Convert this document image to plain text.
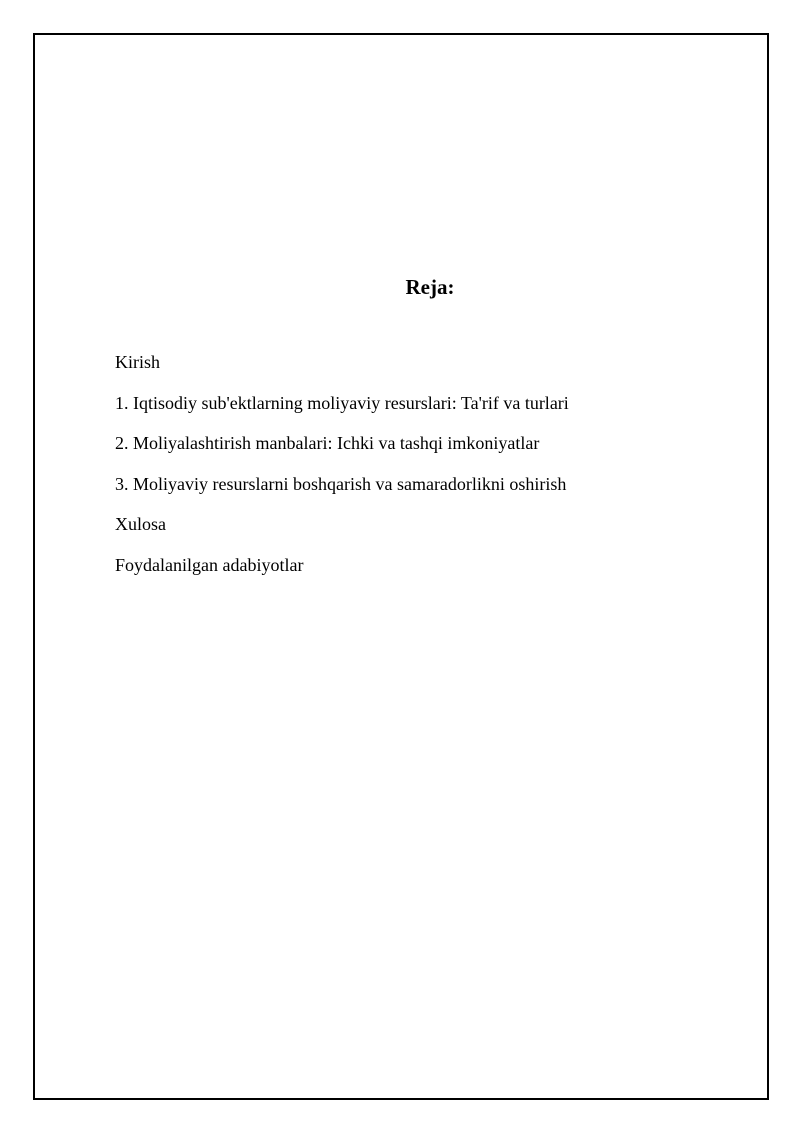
Reja:
Kirish
1. Iqtisodiy sub'ektlarning moliyaviy resurslari: Ta'rif va turlari
2. Moliyalashtirish manbalari: Ichki va tashqi imkoniyatlar
3. Moliyaviy resurslarni boshqarish va samaradorlikni oshirish
Xulosa
Foydalanilgan adabiyotlar
